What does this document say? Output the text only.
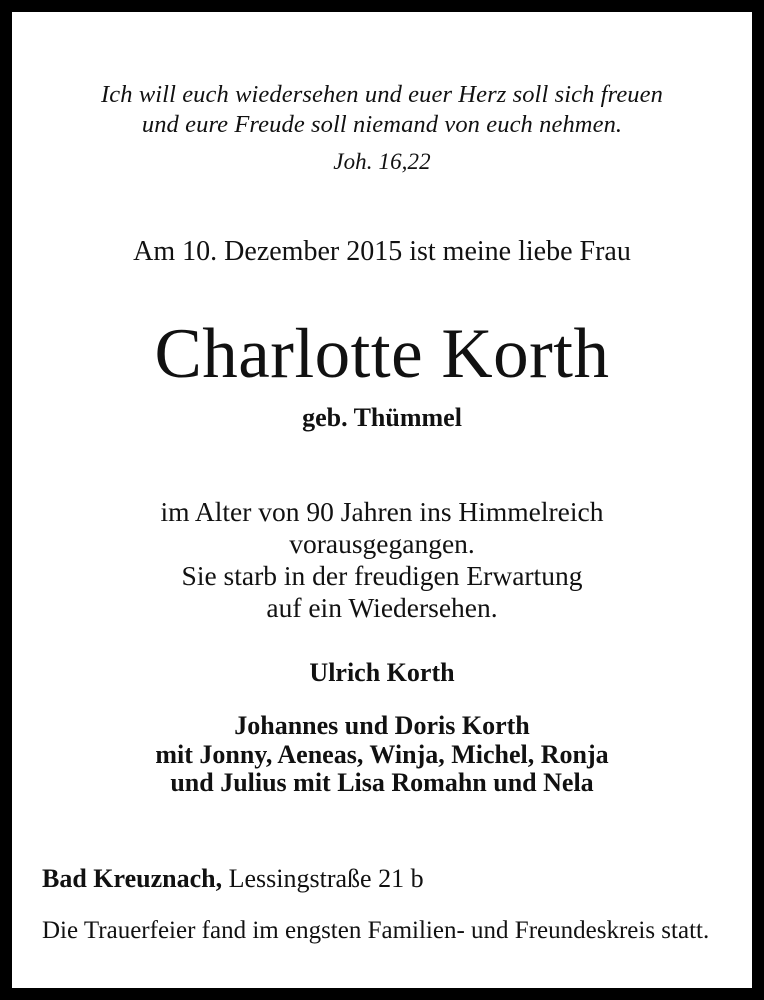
Ich will euch wiedersehen und euer Herz soll sich freuen
und eure Freude soll niemand von euch nehmen.
Joh. 16,22
Am 10. Dezember 2015 ist meine liebe Frau
Charlotte Korth
geb. Thümmel
im Alter von 90 Jahren ins Himmelreich
vorausgegangen.
Sie starb in der freudigen Erwartung
auf ein Wiedersehen.
Ulrich Korth
Johannes und Doris Korth
mit Jonny, Aeneas, Winja, Michel, Ronja
und Julius mit Lisa Romahn und Nela
Bad Kreuznach, Lessingstraße 21 b
Die Trauerfeier fand im engsten Familien- und Freundeskreis statt.
